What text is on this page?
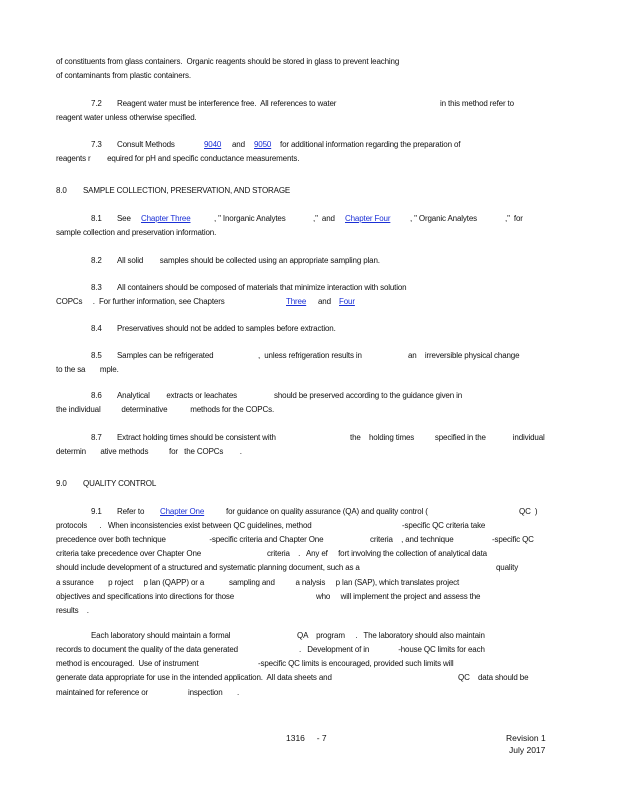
of constituents from glass containers.  Organic reagents should be stored in glass to prevent leaching
of contaminants from plastic containers.
7.2 Reagent water must be interference free.  All references to water	in this method refer to
reagent water unless otherwise specified.
7.3 Consult Methods	9040 and 9050 for additional information regarding the preparation of
reagents r        equired for pH and specific conductance measurements.
8.0 SAMPLE COLLECTION, PRESERVATION, AND STORAGE
8.1 See Chapter Three	, " Inorganic Analytes	,"  and Chapter Four , " Organic Analytes	,"  for
sample collection and preservation information.
8.2 All solid        samples should be collected using an appropriate sampling plan.
8.3 All containers should be composed of materials that minimize interaction with solution
COPCs     .  For further information, see Chapters	Three and Four
8.4 Preservatives should not be added to samples before extraction.
8.5 Samples can be refrigerated	,  unless refrigeration results in	an    irreversible physical change
to the sa       mple.
8.6 Analytical        extracts or leachates	should be preserved according to the guidance given in
the individual          determinative           methods for the COPCs.
8.7 Extract holding times should be consistent with	the    holding times          specified in the             individual
determin       ative methods          for   the COPCs        .
9.0 QUALITY CONTROL
9.1 Refer to Chapter One	for guidance on quality assurance (QA) and quality control (	QC  )
protocols      .   When inconsistencies exist between QC guidelines, method	-specific QC criteria take
precedence over both technique                     -specific criteria and Chapter One	criteria    , and technique	-specific QC
criteria take precedence over Chapter One	criteria    .   Any ef     fort involving the collection of analytical data
should include development of a structured and systematic planning document, such as a	quality
a ssurance       p roject     p lan (QAPP) or a            sampling and          a nalysis     p lan (SAP), which translates project
objectives and specifications into directions for those	who     will implement the project and assess the
results    .
Each laboratory should maintain a formal	QA    program     .   The laboratory should also maintain
records to document the quality of the data generated	.   Development of in              -house QC limits for each
method is encouraged.  Use of instrument	-specific QC limits is encouraged, provided such limits will
generate data appropriate for use in the intended application.  All data sheets and	QC    data should be
maintained for reference or	inspection       .
1316     - 7	Revision 1
July 2017
